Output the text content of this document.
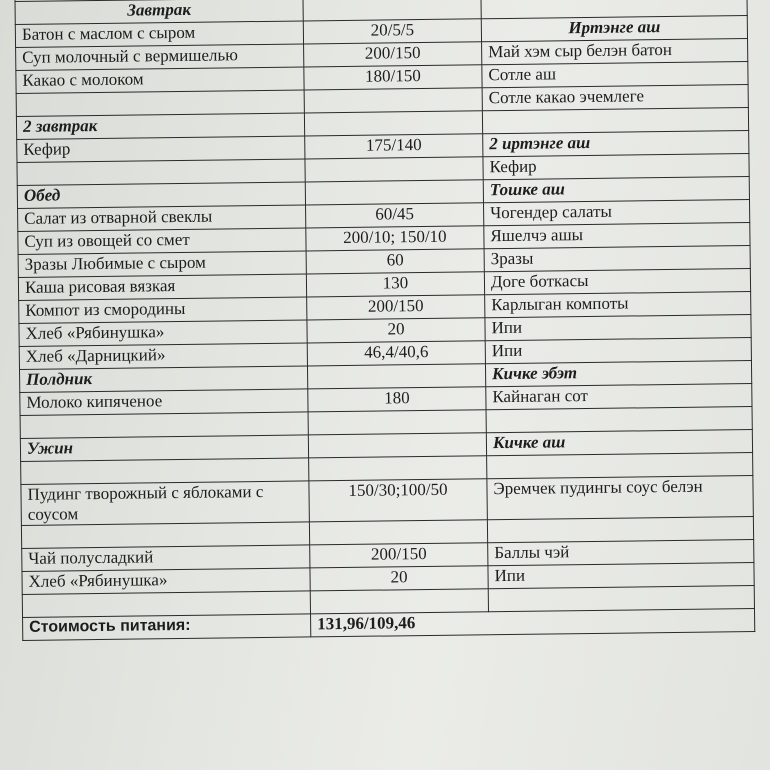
Завтрак		
Батон с маслом с сыром	20/5/5	Иртэнге аш
Суп молочный с вермишелью	200/150	Май хэм сыр белэн батон
Какао с молоком	180/150	Сотле аш
		Сотле какао эчемлеге
2 завтрак		
Кефир	175/140	2 иртэнге аш
		Кефир
Обед		Тошке аш
Салат из отварной свеклы	60/45	Чогендер салаты
Суп из овощей со смет	200/10; 150/10	Яшелчэ ашы
Зразы Любимые с сыром	60	Зразы
Каша рисовая вязкая	130	Доге боткасы
Компот из смородины	200/150	Карлыган компоты
Хлеб «Рябинушка»	20	Ипи
Хлеб «Дарницкий»	46,4/40,6	Ипи
Полдник		Кичке эбэт
Молоко кипяченое	180	Кайнаган сот

Ужин		Кичке аш

Пудинг творожный с яблоками с соусом	150/30;100/50	Эремчек пудингы соус белэн

Чай полусладкий	200/150	Баллы чэй
Хлеб «Рябинушка»	20	Ипи

Стоимость питания:	131,96/109,46	
